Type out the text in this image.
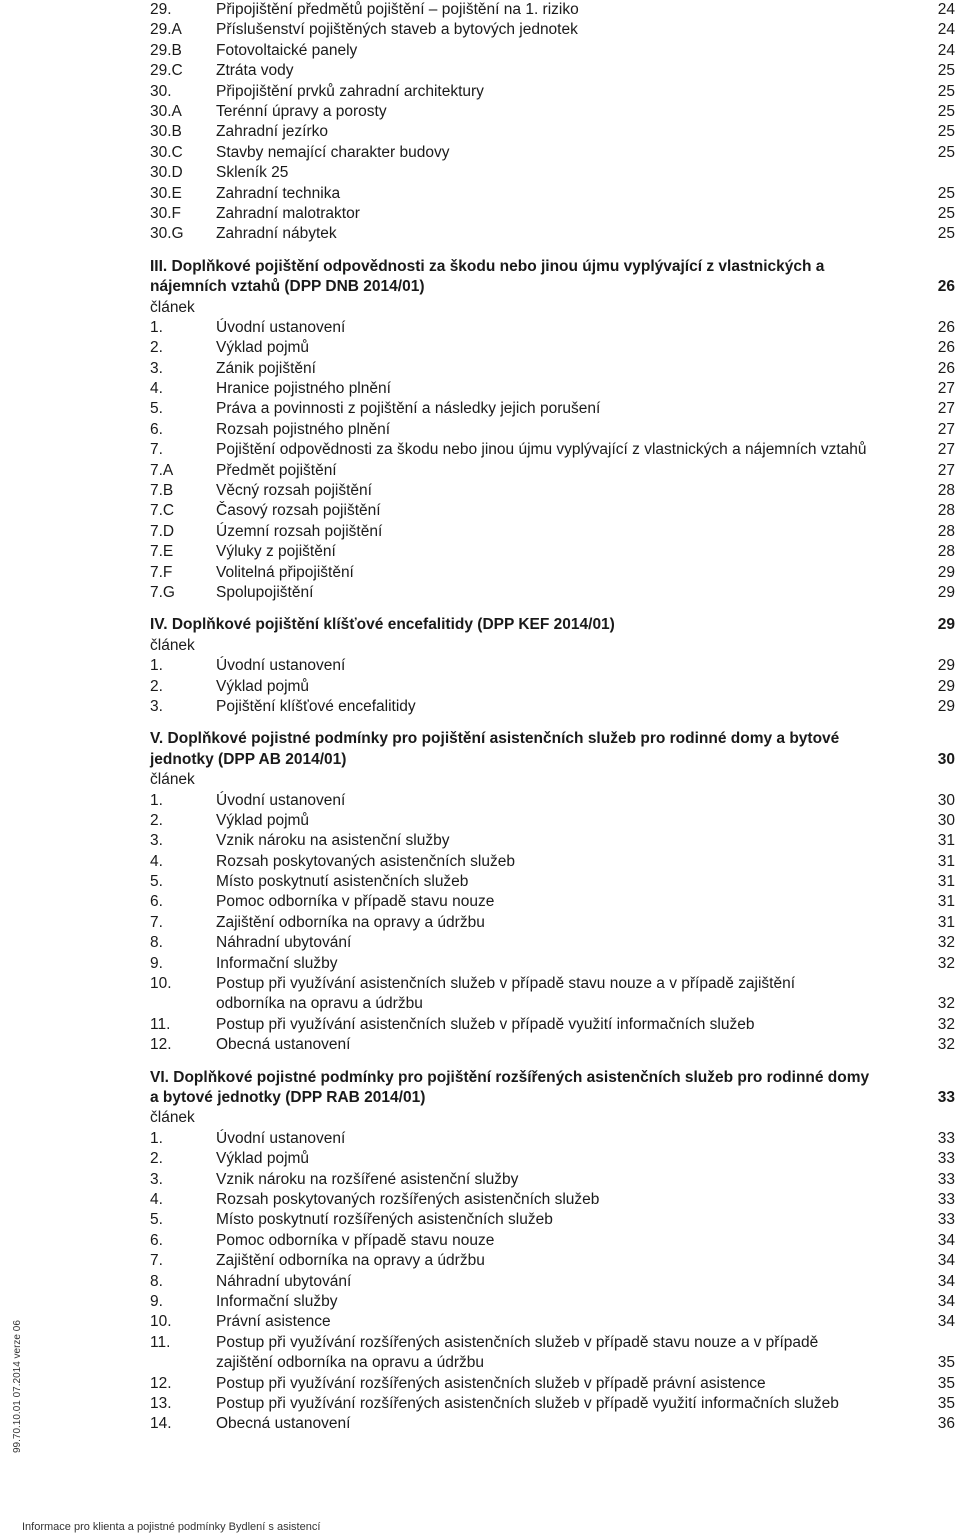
29.	Připojištění předmětů pojištění – pojištění na 1. riziko	24
29.A	Příslušenství pojištěných staveb a bytových jednotek	24
29.B	Fotovoltaické panely	24
29.C	Ztráta vody	25
30.	Připojištění prvků zahradní architektury	25
30.A	Terénní úpravy a porosty	25
30.B	Zahradní jezírko	25
30.C	Stavby nemající charakter budovy	25
30.D	Skleník 25
30.E	Zahradní technika	25
30.F	Zahradní malotraktor	25
30.G	Zahradní nábytek	25
III. Doplňkové pojištění odpovědnosti za škodu nebo jinou újmu vyplývající z vlastnických a nájemních vztahů (DPP DNB 2014/01)	26
článek
1.	Úvodní ustanovení	26
2.	Výklad pojmů	26
3.	Zánik pojištění	26
4.	Hranice pojistného plnění	27
5.	Práva a povinnosti z pojištění a následky jejich porušení	27
6.	Rozsah pojistného plnění	27
7.	Pojištění odpovědnosti za škodu nebo jinou újmu vyplývající z vlastnických a nájemních vztahů	27
7.A	Předmět pojištění	27
7.B	Věcný rozsah pojištění	28
7.C	Časový rozsah pojištění	28
7.D	Územní rozsah pojištění	28
7.E	Výluky z pojištění	28
7.F	Volitelná připojištění	29
7.G	Spolupojištění	29
IV. Doplňkové pojištění klíšťové encefalitidy (DPP KEF 2014/01)	29
článek
1.	Úvodní ustanovení	29
2.	Výklad pojmů	29
3.	Pojištění klíšťové encefalitidy	29
V. Doplňkové pojistné podmínky pro pojištění asistenčních služeb pro rodinné domy a bytové jednotky (DPP AB 2014/01)	30
článek
1.	Úvodní ustanovení	30
2.	Výklad pojmů	30
3.	Vznik nároku na asistenční služby	31
4.	Rozsah poskytovaných asistenčních služeb	31
5.	Místo poskytnutí asistenčních služeb	31
6.	Pomoc odborníka v případě stavu nouze	31
7.	Zajištění odborníka na opravy a údržbu	31
8.	Náhradní ubytování	32
9.	Informační služby	32
10.	Postup při využívání asistenčních služeb v případě stavu nouze a v případě zajištění odborníka na opravu a údržbu	32
11.	Postup při využívání asistenčních služeb v případě využití informačních služeb	32
12.	Obecná ustanovení	32
VI. Doplňkové pojistné podmínky pro pojištění rozšířených asistenčních služeb pro rodinné domy a bytové jednotky (DPP RAB 2014/01)	33
článek
1.	Úvodní ustanovení	33
2.	Výklad pojmů	33
3.	Vznik nároku na rozšířené asistenční služby	33
4.	Rozsah poskytovaných rozšířených asistenčních služeb	33
5.	Místo poskytnutí rozšířených asistenčních služeb	33
6.	Pomoc odborníka v případě stavu nouze	34
7.	Zajištění odborníka na opravy a údržbu	34
8.	Náhradní ubytování	34
9.	Informační služby	34
10.	Právní asistence	34
11.	Postup při využívání rozšířených asistenčních služeb v případě stavu nouze a v případě zajištění odborníka na opravu a údržbu	35
12.	Postup při využívání rozšířených asistenčních služeb v případě právní asistence	35
13.	Postup při využívání rozšířených asistenčních služeb v případě využití informačních služeb	35
14.	Obecná ustanovení	36
99.70.10.01 07.2014 verze 06
Informace pro klienta a pojistné podmínky Bydlení s asistencí
